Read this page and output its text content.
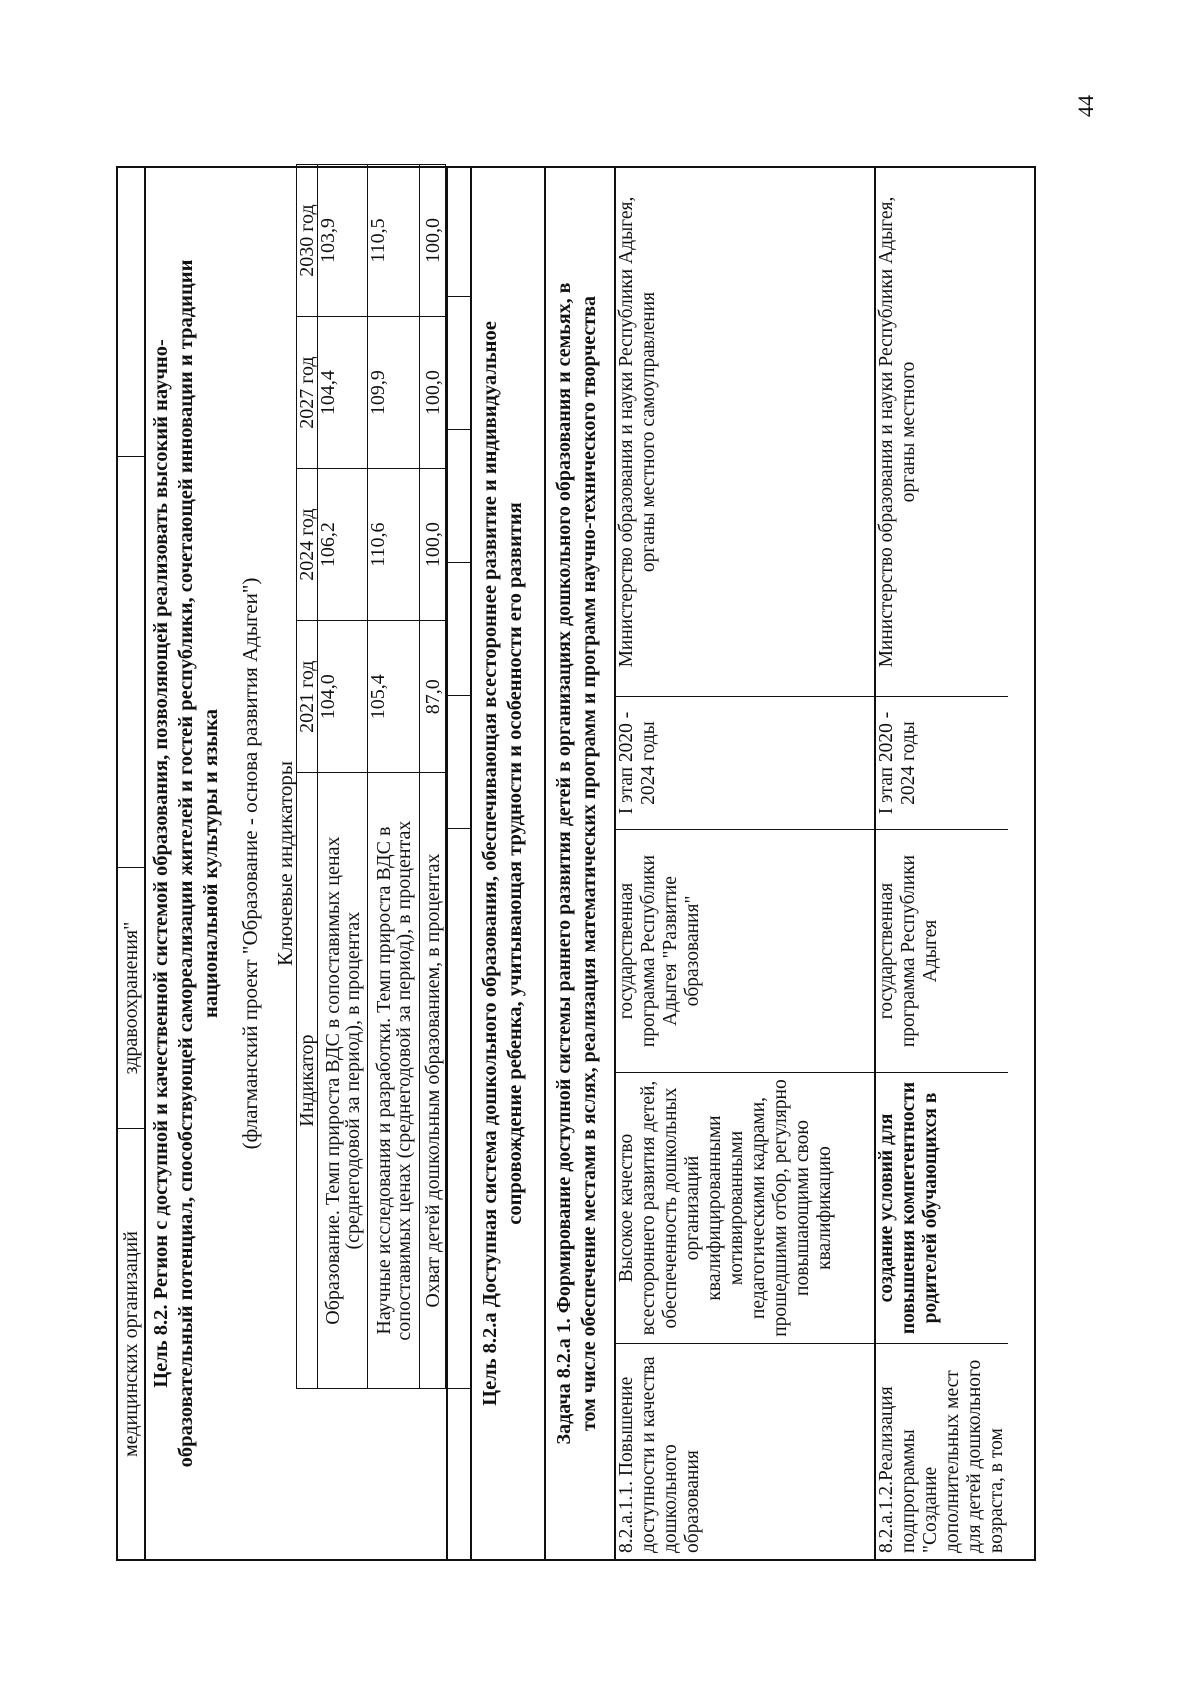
44
медицинских организаций
здравоохранения" Цель 8.2. Регион с доступной и качественной системой образования, позволяющей реализовать высокий научно- образовательный потенциал, способствующей самореализации жителей и гостей республики, сочетающей инновации и традиции национальной культуры и языка (флагманский проект "Образование - основа развития Адыгеи") Ключевые индикаторы
Индикатор	2021 год	2024 год	2027 год	2030 год
Образование. Темп прироста ВДС в сопоставимых ценах (среднегодовой за период), в процентах	104,0	106,2	104,4	103,9
Научные исследования и разработки. Темп прироста ВДС в сопоставимых ценах (среднегодовой за период), в процентах	105,4	110,6	109,9	110,5
Охват детей дошкольным образованием, в процентах	87,0	100,0	100,0	100,0
Цель 8.2.а Доступная система дошкольного образования, обеспечивающая всестороннее развитие и индивидуальное сопровождение ребенка, учитывающая трудности и особенности его развития Задача 8.2.а 1. Формирование доступной системы раннего развития детей в организациях дошкольного образования и семьях, в том числе обеспечение местами в яслях, реализация математических программ и программ научно-технического творчества
8.2.а.1.1. Повышение доступности и качества дошкольного образования	Высокое качество всестороннего развития детей, обеспеченность дошкольных организаций квалифицированными мотивированными педагогическими кадрами, прошедшими отбор, регулярно повышающими свою квалификацию	государственная программа Республики Адыгея "Развитие образования"	I этап 2020 - 2024 годы	Министерство образования и науки Республики Адыгея, органы местного самоуправления
8.2.а.1.2.Реализация подпрограммы "Создание дополнительных мест для детей дошкольного возраста, в том	создание условий для повышения компетентности родителей обучающихся в	государственная программа Республики Адыгея	I этап 2020 - 2024 годы	Министерство образования и науки Республики Адыгея, органы местного
